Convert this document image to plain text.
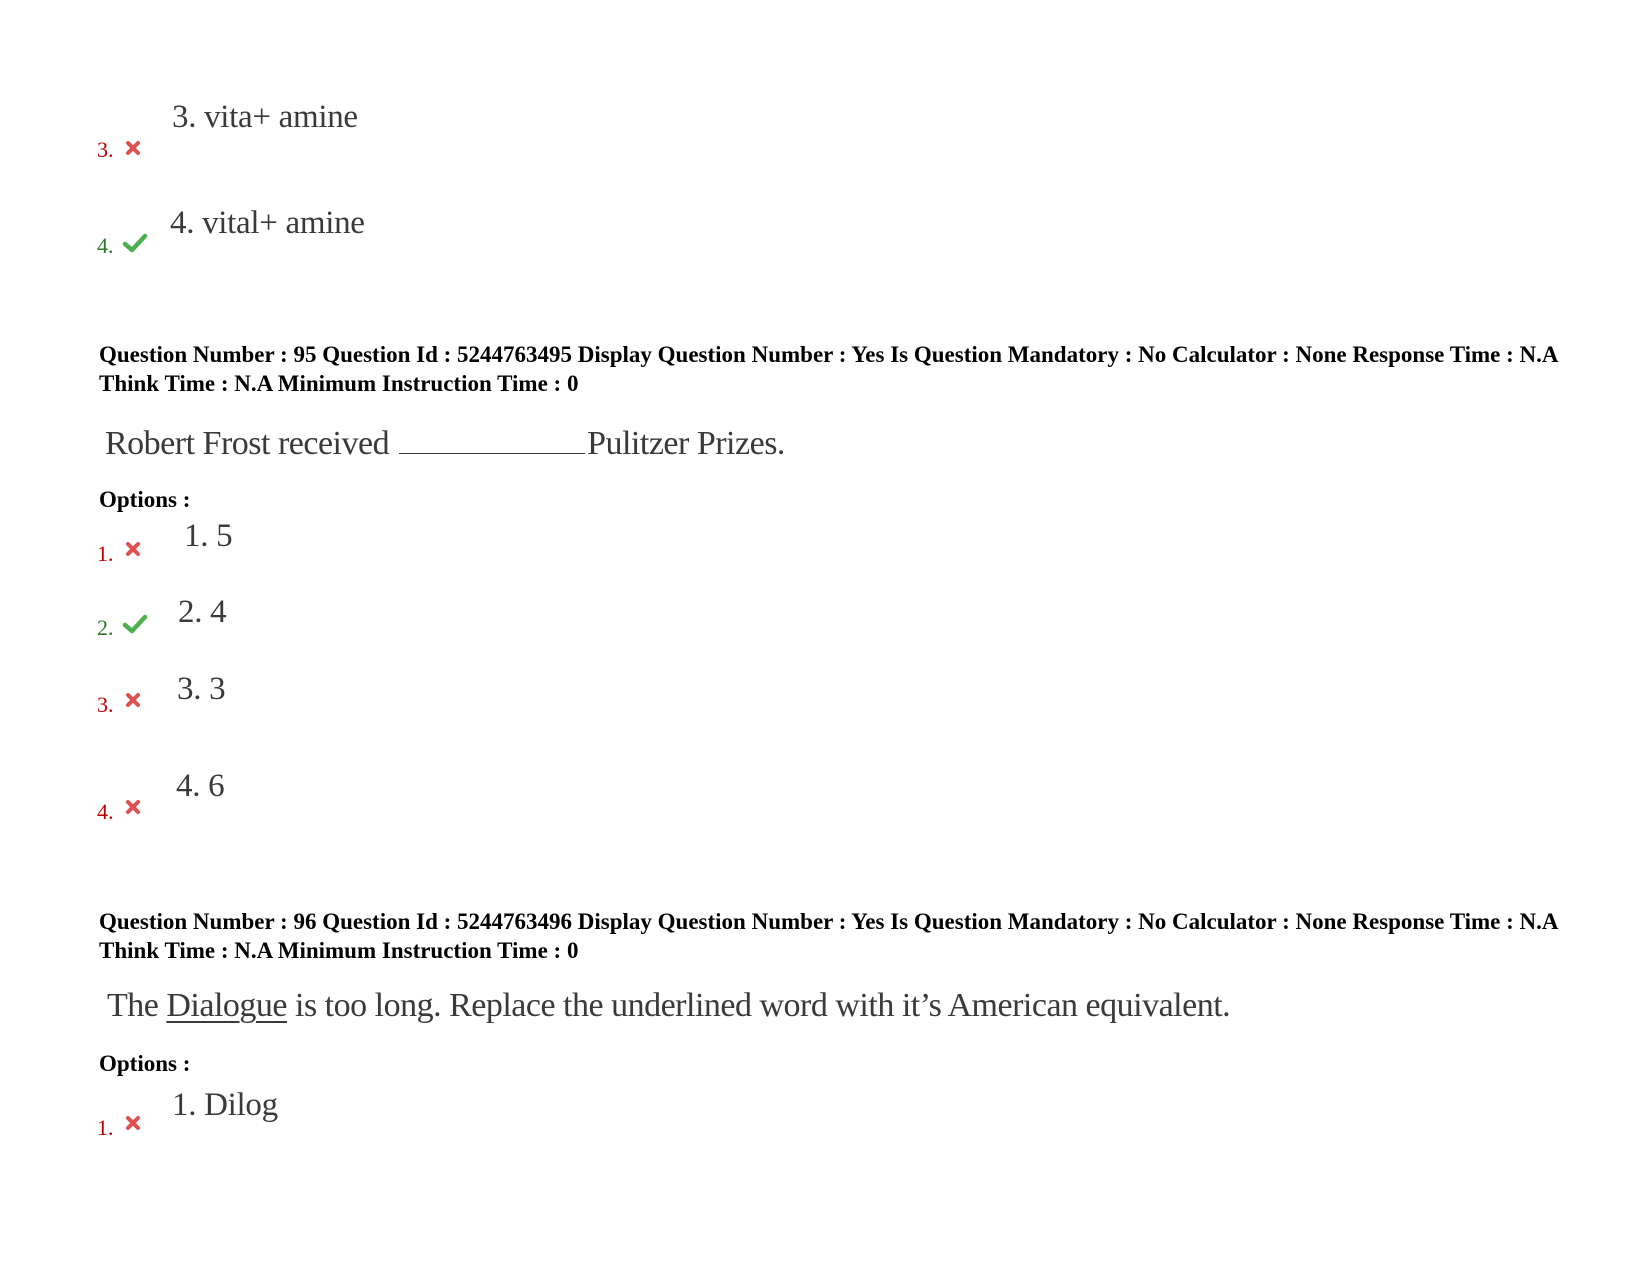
3.
3. vita+ amine
4.
4. vital+ amine
Question Number : 95 Question Id : 5244763495 Display Question Number : Yes Is Question Mandatory : No Calculator : None Response Time : N.A Think Time : N.A Minimum Instruction Time : 0
Robert Frost received	Pulitzer Prizes.
Options :
1. 1. 5
2. 2. 4
3. 3. 3
4.
4. 6
Question Number : 96 Question Id : 5244763496 Display Question Number : Yes Is Question Mandatory : No Calculator : None Response Time : N.A Think Time : N.A Minimum Instruction Time : 0
The Dialogue is too long. Replace the underlined word with it’s American equivalent.
Options :
1.
1. Dilog
